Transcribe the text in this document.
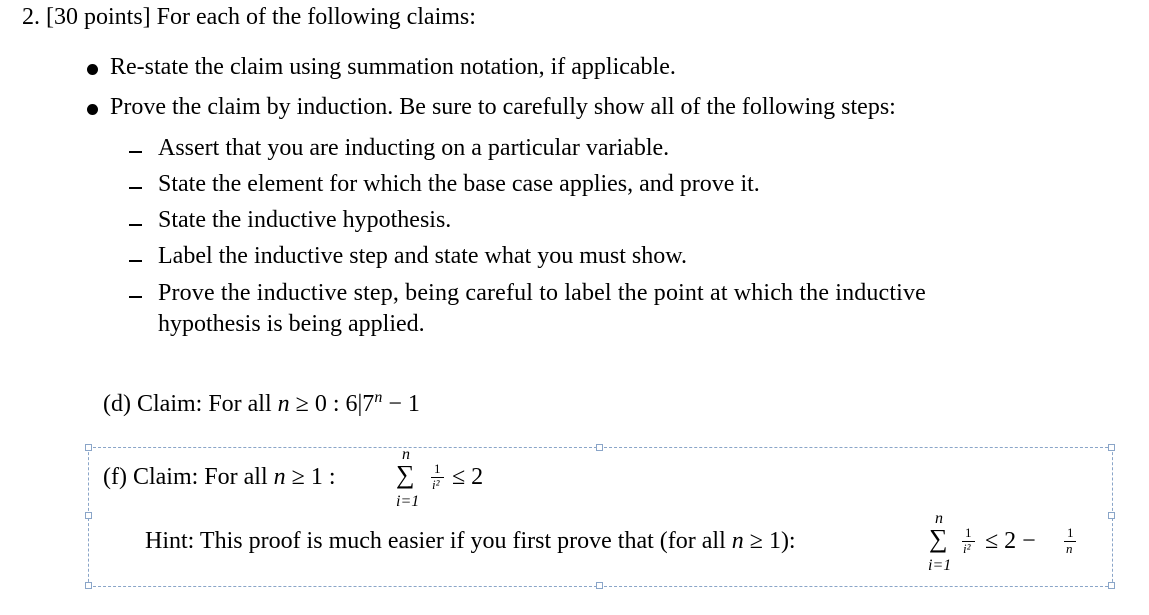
2. [30 points] For each of the following claims:
Re-state the claim using summation notation, if applicable.
Prove the claim by induction. Be sure to carefully show all of the following steps:
Assert that you are inducting on a particular variable.
State the element for which the base case applies, and prove it.
State the inductive hypothesis.
Label the inductive step and state what you must show.
Prove the inductive step, being careful to label the point at which the inductive
hypothesis is being applied.
(d) Claim: For all n ≥ 0 : $6|7^n - 1$
(f) Claim: For all n ≥ 1 :
n
∑
i=1
1
i² ≤ 2
Hint: This proof is much easier if you first prove that (for all n ≥ 1):
n
∑
i=1
1
i² ≤ 2 − 1
n
